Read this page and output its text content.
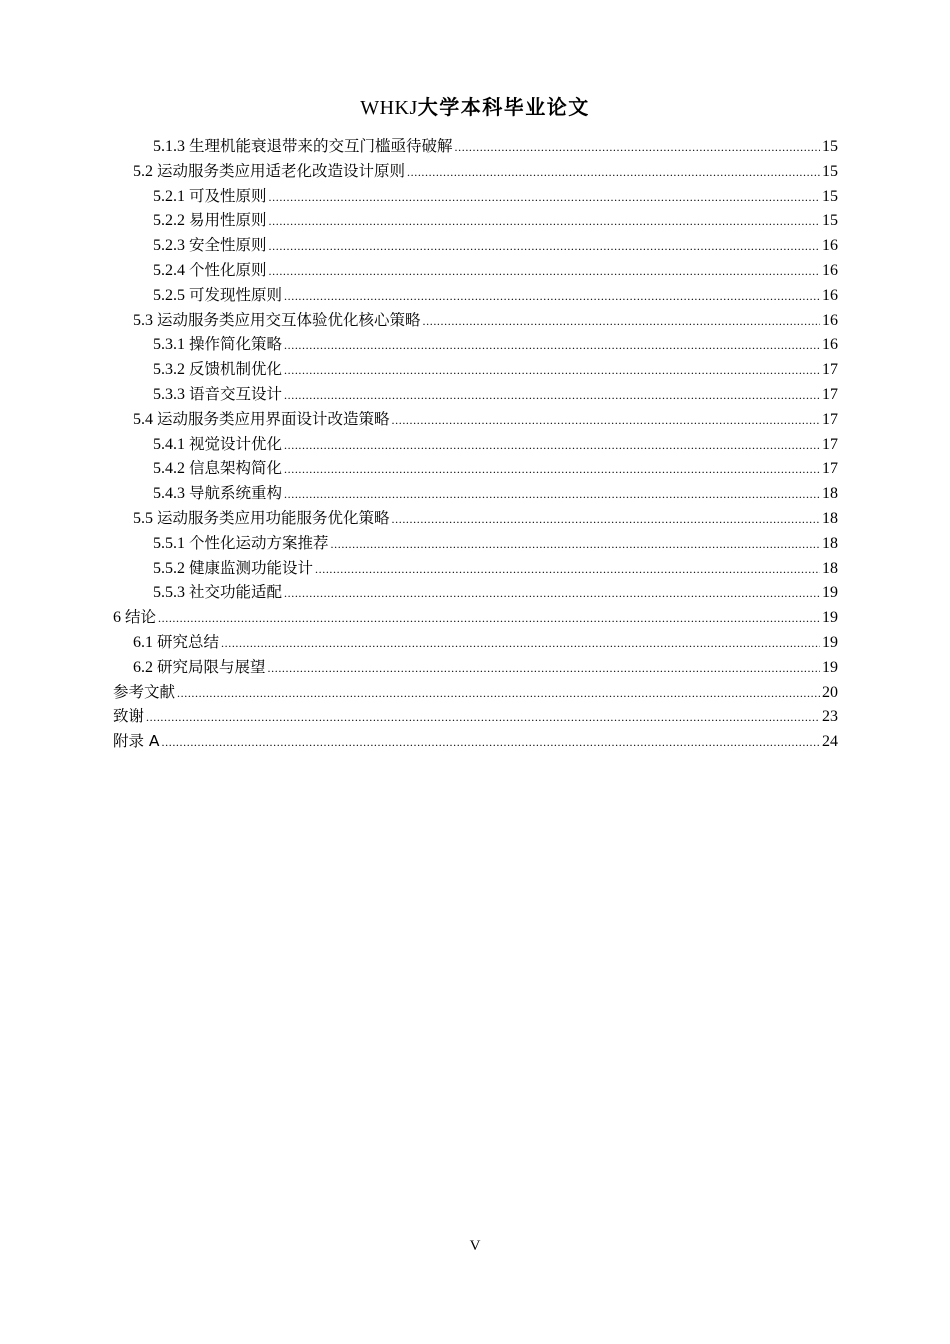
WHKJ大学本科毕业论文
5.1.3 生理机能衰退带来的交互门槛亟待破解 .....	15
5.2 运动服务类应用适老化改造设计原则 .....	15
5.2.1 可及性原则 .....	15
5.2.2 易用性原则 .....	15
5.2.3 安全性原则 .....	16
5.2.4 个性化原则 .....	16
5.2.5 可发现性原则 .....	16
5.3 运动服务类应用交互体验优化核心策略 .....	16
5.3.1 操作简化策略 .....	16
5.3.2 反馈机制优化 .....	17
5.3.3 语音交互设计 .....	17
5.4 运动服务类应用界面设计改造策略 .....	17
5.4.1 视觉设计优化 .....	17
5.4.2 信息架构简化 .....	17
5.4.3 导航系统重构 .....	18
5.5 运动服务类应用功能服务优化策略 .....	18
5.5.1 个性化运动方案推荐 .....	18
5.5.2 健康监测功能设计 .....	18
5.5.3 社交功能适配 .....	19
6 结论 .....	19
6.1 研究总结 .....	19
6.2 研究局限与展望 .....	19
参考文献 .....	20
致谢 .....	23
附录 A .....	24
V
